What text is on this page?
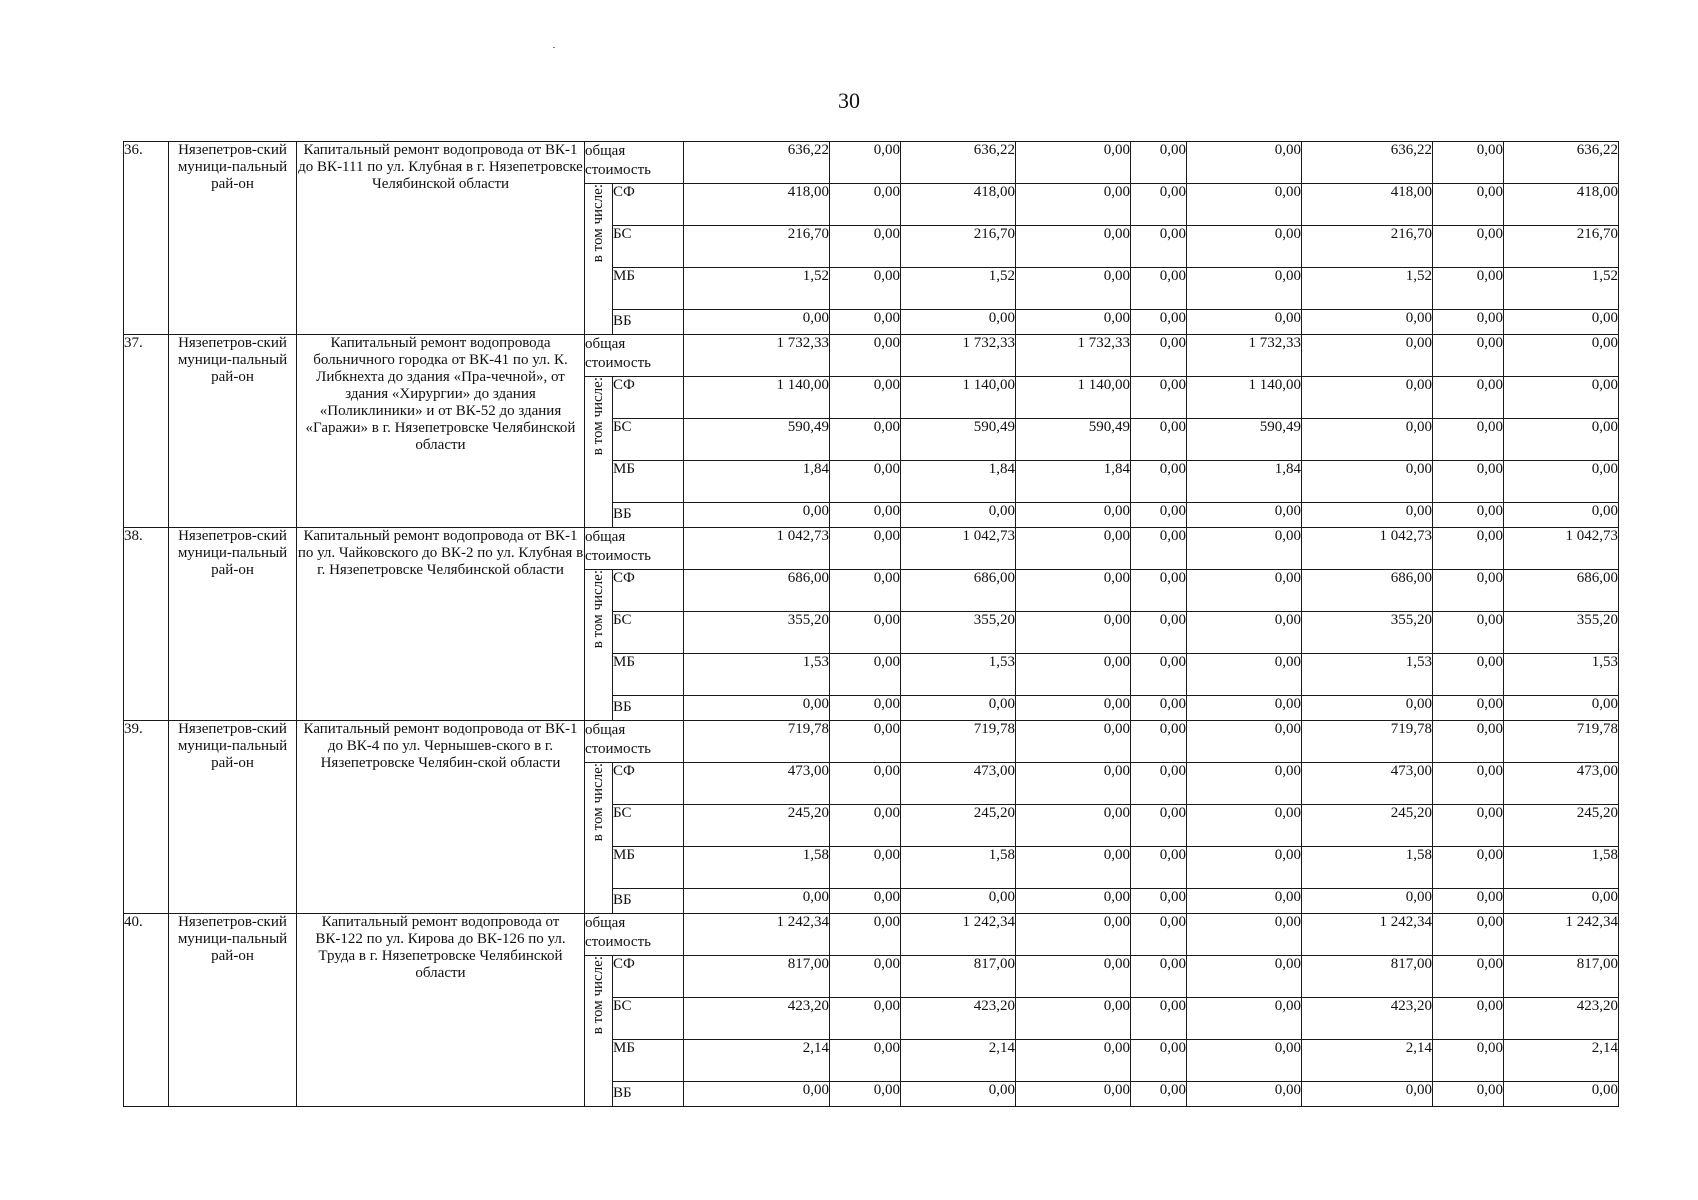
30
36.	Нязепетров-ский муници-пальный рай-он	Капитальный ремонт водопровода от ВК-1 до ВК-111 по ул. Клубная в г. Нязепетровске Челябинской области	общая стоимость		636,22	0,00	636,22	0,00	0,00	0,00	636,22	0,00	636,22
			в том числе:	СФ	418,00	0,00	418,00	0,00	0,00	0,00	418,00	0,00	418,00
				БС	216,70	0,00	216,70	0,00	0,00	0,00	216,70	0,00	216,70
				МБ	1,52	0,00	1,52	0,00	0,00	0,00	1,52	0,00	1,52
				ВБ	0,00	0,00	0,00	0,00	0,00	0,00	0,00	0,00	0,00
37.	Нязепетров-ский муници-пальный рай-он	Капитальный ремонт водопровода больничного городка от ВК-41 по ул. К. Либкнехта до здания «Пра-чечной», от здания «Хирургии» до здания «Поликлиники» и от ВК-52 до здания «Гаражи» в г. Нязепетровске Челябинской области	общая стоимость		1 732,33	0,00	1 732,33	1 732,33	0,00	1 732,33	0,00	0,00	0,00
			в том числе:	СФ	1 140,00	0,00	1 140,00	1 140,00	0,00	1 140,00	0,00	0,00	0,00
				БС	590,49	0,00	590,49	590,49	0,00	590,49	0,00	0,00	0,00
				МБ	1,84	0,00	1,84	1,84	0,00	1,84	0,00	0,00	0,00
				ВБ	0,00	0,00	0,00	0,00	0,00	0,00	0,00	0,00	0,00
38.	Нязепетров-ский муници-пальный рай-он	Капитальный ремонт водопровода от ВК-1 по ул. Чайковского до ВК-2 по ул. Клубная в г. Нязепетровске Челябинской области	общая стоимость		1 042,73	0,00	1 042,73	0,00	0,00	0,00	1 042,73	0,00	1 042,73
			в том числе:	СФ	686,00	0,00	686,00	0,00	0,00	0,00	686,00	0,00	686,00
				БС	355,20	0,00	355,20	0,00	0,00	0,00	355,20	0,00	355,20
				МБ	1,53	0,00	1,53	0,00	0,00	0,00	1,53	0,00	1,53
				ВБ	0,00	0,00	0,00	0,00	0,00	0,00	0,00	0,00	0,00
39.	Нязепетров-ский муници-пальный рай-он	Капитальный ремонт водопровода от ВК-1 до ВК-4 по ул. Чернышев-ского в г. Нязепетровске Челябин-ской области	общая стоимость		719,78	0,00	719,78	0,00	0,00	0,00	719,78	0,00	719,78
			в том числе:	СФ	473,00	0,00	473,00	0,00	0,00	0,00	473,00	0,00	473,00
				БС	245,20	0,00	245,20	0,00	0,00	0,00	245,20	0,00	245,20
				МБ	1,58	0,00	1,58	0,00	0,00	0,00	1,58	0,00	1,58
				ВБ	0,00	0,00	0,00	0,00	0,00	0,00	0,00	0,00	0,00
40.	Нязепетров-ский муници-пальный рай-он	Капитальный ремонт водопровода от ВК-122 по ул. Кирова до ВК-126 по ул. Труда в г. Нязепетровске Челябинской области	общая стоимость		1 242,34	0,00	1 242,34	0,00	0,00	0,00	1 242,34	0,00	1 242,34
			в том числе:	СФ	817,00	0,00	817,00	0,00	0,00	0,00	817,00	0,00	817,00
				БС	423,20	0,00	423,20	0,00	0,00	0,00	423,20	0,00	423,20
				МБ	2,14	0,00	2,14	0,00	0,00	0,00	2,14	0,00	2,14
				ВБ	0,00	0,00	0,00	0,00	0,00	0,00	0,00	0,00	0,00
